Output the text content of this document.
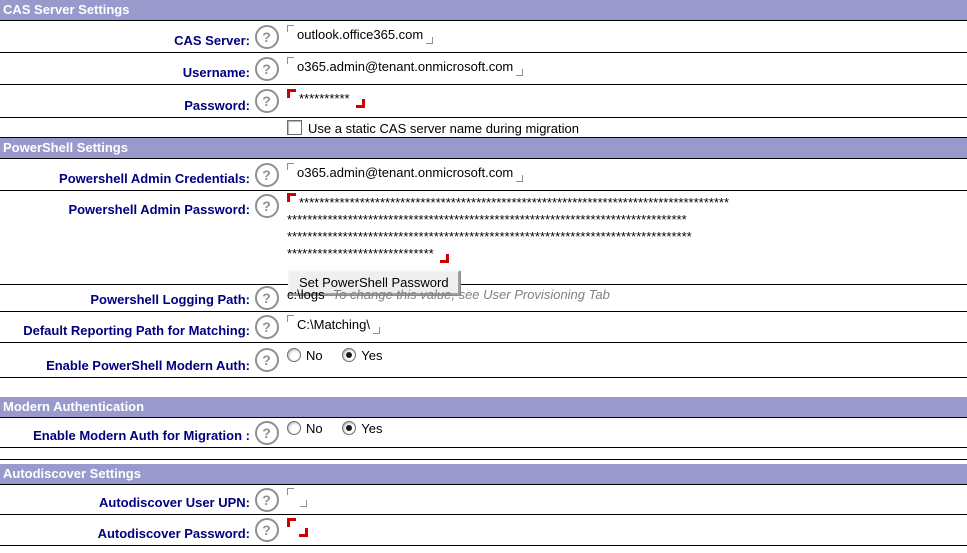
CAS Server Settings
CAS Server: ?	outlook.office365.com
Username: ?	o365.admin@tenant.onmicrosoft.com
Password: ?	**********
Use a static CAS server name during migration
PowerShell Settings
Powershell Admin Credentials: ?	o365.admin@tenant.onmicrosoft.com
Powershell Admin Password: ?	*************************************************************************************
*******************************************************************************
********************************************************************************
*****************************
Set PowerShell Password
Powershell Logging Path: ?	c:\logs To change this value, see User Provisioning Tab
Default Reporting Path for Matching: ?	C:\Matching\
Enable PowerShell Modern Auth: ?	No	Yes
Modern Authentication
Enable Modern Auth for Migration : ?	No	Yes
Autodiscover Settings
Autodiscover User UPN: ?
Autodiscover Password: ?
